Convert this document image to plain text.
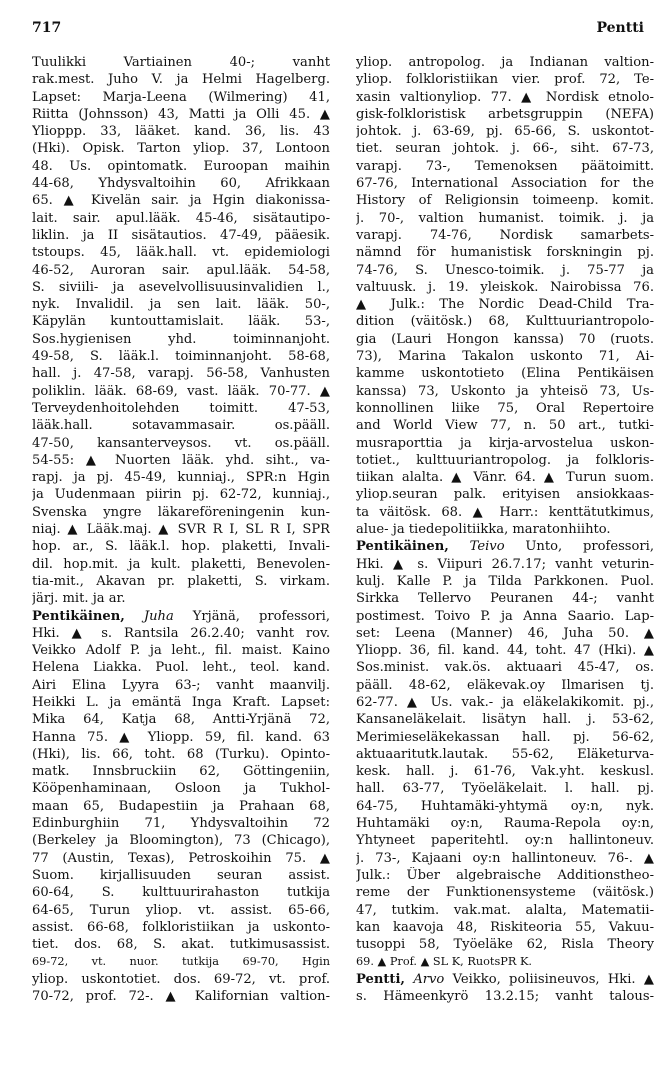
717	Pentti
Tuulikki Vartiainen 40-; vanht
rak.mest. Juho V. ja Helmi Hagelberg.
Lapset: Marja-Leena (Wilmering) 41,
Riitta (Johnsson) 43, Matti ja Olli 45. ▲
Ylioppp. 33, lääket. kand. 36, lis. 43
(Hki). Opisk. Tarton yliop. 37, Lontoon
48. Us. opintomatk. Euroopan maihin
44-68, Yhdysvaltoihin 60, Afrikkaan
65. ▲ Kivelän sair. ja Hgin diakonissa-
lait. sair. apul.lääk. 45-46, sisätautipo-
liklin. ja II sisätautios. 47-49, pääesik.
tstoups. 45, lääk.hall. vt. epidemiologi
46-52, Auroran sair. apul.lääk. 54-58,
S. siviili- ja asevelvollisuusinvalidien l.,
nyk. Invalidil. ja sen lait. lääk. 50-,
Käpylän kuntouttamislait. lääk. 53-,
Sos.hygienisen yhd. toiminnanjoht.
49-58, S. lääk.l. toiminnanjoht. 58-68,
hall. j. 47-58, varapj. 56-58, Vanhusten
poliklin. lääk. 68-69, vast. lääk. 70-77. ▲
Terveydenhoitolehden toimitt. 47-53,
lääk.hall. sotavammasair. os.pääll.
47-50, kansanterveysos. vt. os.pääll.
54-55: ▲ Nuorten lääk. yhd. siht., va-
rapj. ja pj. 45-49, kunniaj., SPR:n Hgin
ja Uudenmaan piirin pj. 62-72, kunniaj.,
Svenska yngre läkareföreningenin kun-
niaj. ▲ Lääk.maj. ▲ SVR R I, SL R I, SPR
hop. ar., S. lääk.l. hop. plaketti, Invali-
dil. hop.mit. ja kult. plaketti, Benevolen-
tia-mit., Akavan pr. plaketti, S. virkam.
järj. mit. ja ar.
Pentikäinen, Juha Yrjänä, professori,
Hki. ▲ s. Rantsila 26.2.40; vanht rov.
Veikko Adolf P. ja leht., fil. maist. Kaino
Helena Liakka. Puol. leht., teol. kand.
Airi Elina Lyyra 63-; vanht maanvilj.
Heikki L. ja emäntä Inga Kraft. Lapset:
Mika 64, Katja 68, Antti-Yrjänä 72,
Hanna 75. ▲ Yliopp. 59, fil. kand. 63
(Hki), lis. 66, toht. 68 (Turku). Opinto-
matk. Innsbruckiin 62, Göttingeniin,
Kööpenhaminaan, Osloon ja Tukhol-
maan 65, Budapestiin ja Prahaan 68,
Edinburghiin 71, Yhdysvaltoihin 72
(Berkeley ja Bloomington), 73 (Chicago),
77 (Austin, Texas), Petroskoihin 75. ▲
Suom. kirjallisuuden seuran assist.
60-64, S. kulttuurirahaston tutkija
64-65, Turun yliop. vt. assist. 65-66,
assist. 66-68, folkloristiikan ja uskonto-
tiet. dos. 68, S. akat. tutkimusassist.
69-72, vt. nuor. tutkija 69-70, Hgin
yliop. uskontotiet. dos. 69-72, vt. prof.
70-72, prof. 72-. ▲ Kalifornian valtion-
yliop. antropolog. ja Indianan valtion-
yliop. folkloristiikan vier. prof. 72, Te-
xasin valtionyliop. 77. ▲ Nordisk etnolo-
gisk-folkloristisk arbetsgruppin (NEFA)
johtok. j. 63-69, pj. 65-66, S. uskontot-
tiet. seuran johtok. j. 66-, siht. 67-73,
varapj. 73-, Temenoksen päätoimitt.
67-76, International Association for the
History of Religionsin toimeenp. komit.
j. 70-, valtion humanist. toimik. j. ja
varapj. 74-76, Nordisk samarbets-
nämnd för humanistisk forskningin pj.
74-76, S. Unesco-toimik. j. 75-77 ja
valtuusk. j. 19. yleiskok. Nairobissa 76.
▲ Julk.: The Nordic Dead-Child Tra-
dition (väitösk.) 68, Kulttuuriantropolo-
gia (Lauri Hongon kanssa) 70 (ruots.
73), Marina Takalon uskonto 71, Ai-
kamme uskontotieto (Elina Pentikäisen
kanssa) 73, Uskonto ja yhteisö 73, Us-
konnollinen liike 75, Oral Repertoire
and World View 77, n. 50 art., tutki-
musraporttia ja kirja-arvostelua uskon-
totiet., kulttuuriantropolog. ja folkloris-
tiikan alalta. ▲ Vänr. 64. ▲ Turun suom.
yliop.seuran palk. erityisen ansiokkaas-
ta väitösk. 68. ▲ Harr.: kenttätutkimus,
alue- ja tiedepolitiikka, maratonhiihto.
Pentikäinen, Teivo Unto, professori,
Hki. ▲ s. Viipuri 26.7.17; vanht veturin-
kulj. Kalle P. ja Tilda Parkkonen. Puol.
Sirkka Tellervo Peuranen 44-; vanht
postimest. Toivo P. ja Anna Saario. Lap-
set: Leena (Manner) 46, Juha 50. ▲
Yliopp. 36, fil. kand. 44, toht. 47 (Hki). ▲
Sos.minist. vak.ös. aktuaari 45-47, os.
pääll. 48-62, eläkevak.oy Ilmarisen tj.
62-77. ▲ Us. vak.- ja eläkelakikomit. pj.,
Kansaneläkelait. lisätyn hall. j. 53-62,
Merimieseläkekassan hall. pj. 56-62,
aktuaaritutk.lautak. 55-62, Eläketurva-
kesk. hall. j. 61-76, Vak.yht. keskusl.
hall. 63-77, Työeläkelait. l. hall. pj.
64-75, Huhtamäki-yhtymä oy:n, nyk.
Huhtamäki oy:n, Rauma-Repola oy:n,
Yhtyneet paperitehtl. oy:n hallintoneuv.
j. 73-, Kajaani oy:n hallintoneuv. 76-. ▲
Julk.: Über algebraische Additionstheo-
reme der Funktionensysteme (väitösk.)
47, tutkim. vak.mat. alalta, Matematii-
kan kaavoja 48, Riskiteoria 55, Vakuu-
tusoppi 58, Työeläke 62, Risla Theory
69. ▲ Prof. ▲ SL K, RuotsPR K.
Pentti, Arvo Veikko, poliisineuvos, Hki. ▲
s. Hämeenkyrö 13.2.15; vanht talous-
